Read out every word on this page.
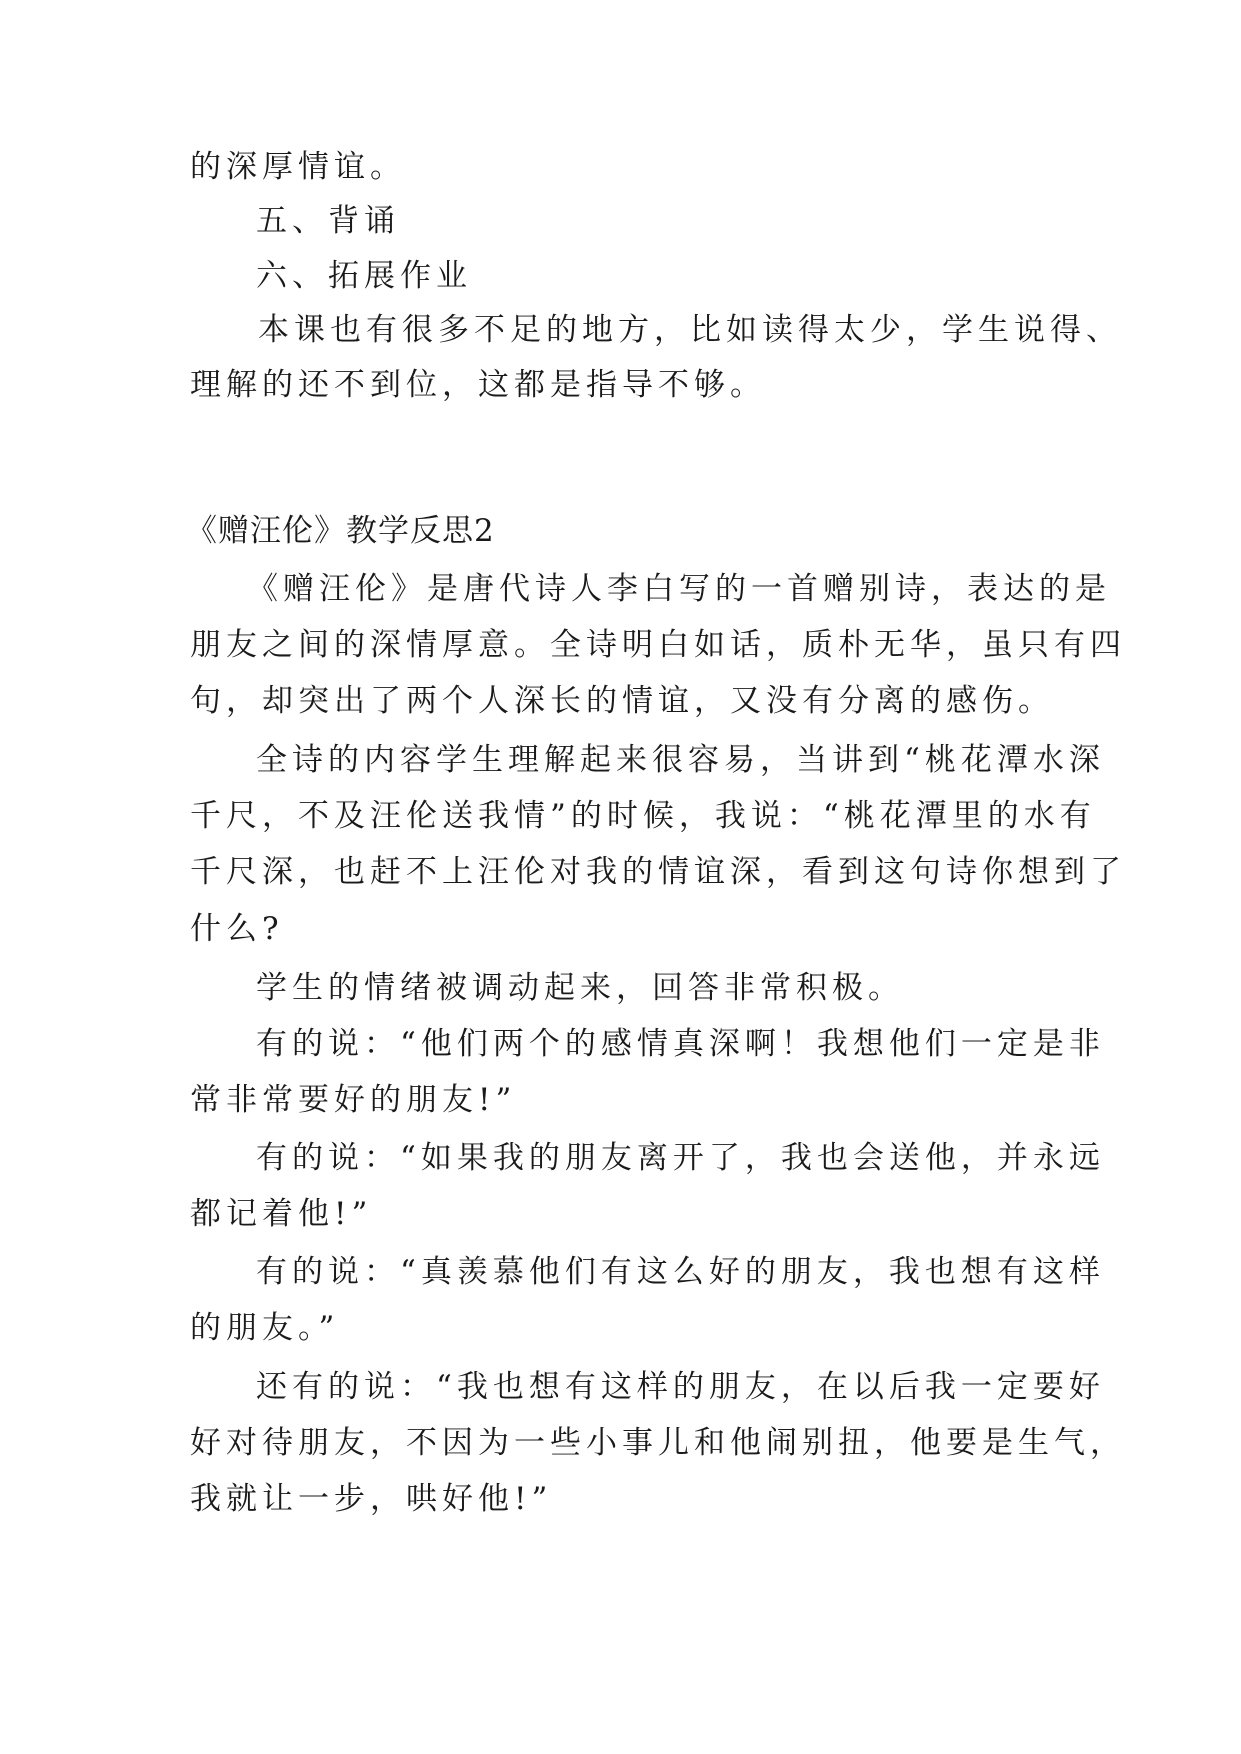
的深厚情谊。

五、背诵

六、拓展作业

本课也有很多不足的地方，比如读得太少，学生说得、

理解的还不到位，这都是指导不够。

《赠汪伦》教学反思2

《赠汪伦》是唐代诗人李白写的一首赠别诗，表达的是

朋友之间的深情厚意。全诗明白如话，质朴无华，虽只有四

句，却突出了两个人深长的情谊，又没有分离的感伤。

全诗的内容学生理解起来很容易，当讲到“桃花潭水深

千尺，不及汪伦送我情”的时候，我说：“桃花潭里的水有

千尺深，也赶不上汪伦对我的情谊深，看到这句诗你想到了

什么?

学生的情绪被调动起来，回答非常积极。

有的说：“他们两个的感情真深啊！我想他们一定是非

常非常要好的朋友!”

有的说：“如果我的朋友离开了，我也会送他，并永远

都记着他!”

有的说：“真羡慕他们有这么好的朋友，我也想有这样

的朋友。”

还有的说：“我也想有这样的朋友，在以后我一定要好

好对待朋友，不因为一些小事儿和他闹别扭，他要是生气，

我就让一步，哄好他!”
